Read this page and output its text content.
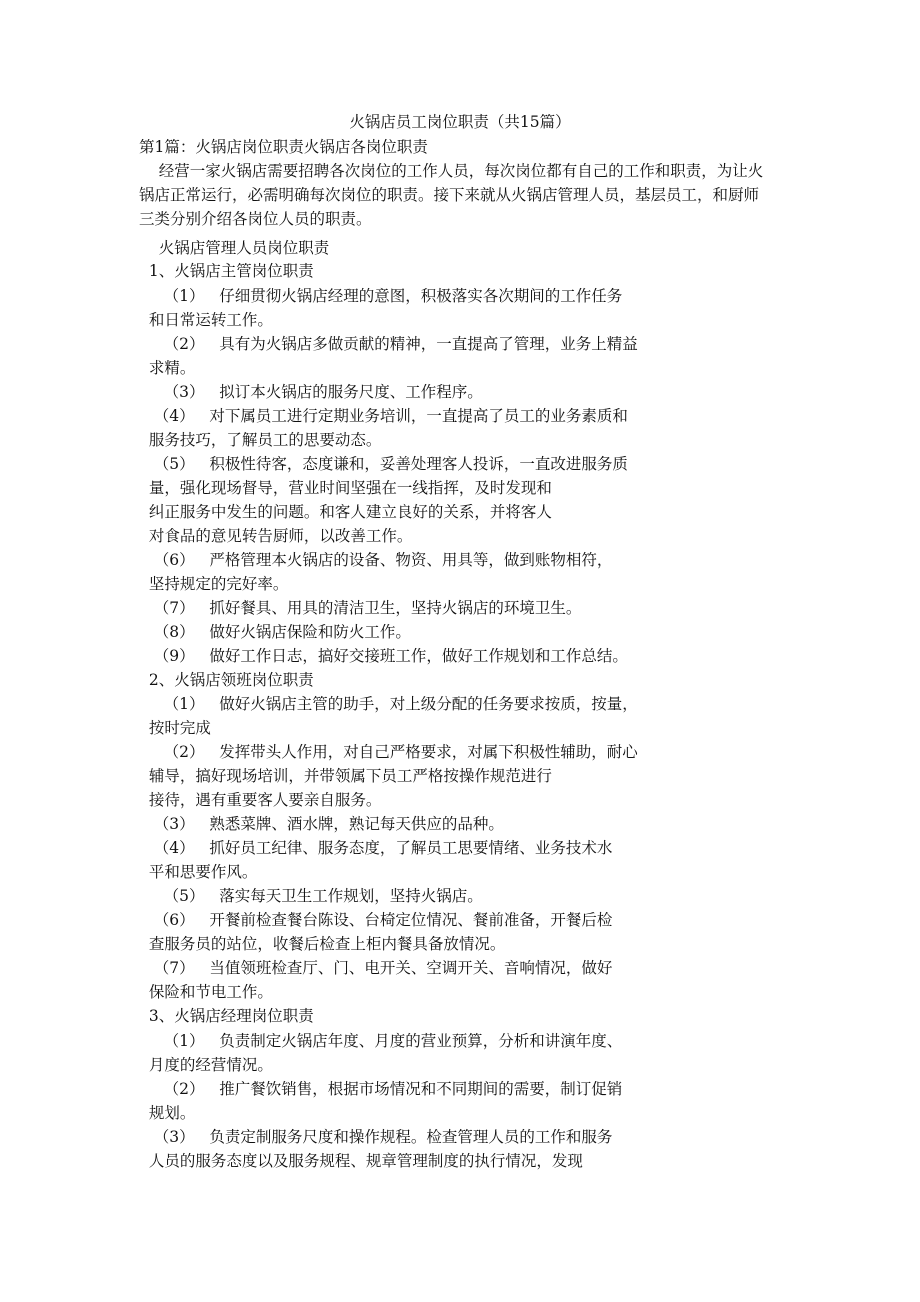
火锅店员工岗位职责（共15篇）
第1篇：火锅店岗位职责火锅店各岗位职责
经营一家火锅店需要招聘各次岗位的工作人员，每次岗位都有自己的工作和职责，为让火
锅店正常运行，必需明确每次岗位的职责。接下来就从火锅店管理人员，基层员工，和厨师
三类分别介绍各岗位人员的职责。
火锅店管理人员岗位职责
1、火锅店主管岗位职责
（1）   仔细贯彻火锅店经理的意图，积极落实各次期间的工作任务
和日常运转工作。
（2）   具有为火锅店多做贡献的精神，一直提高了管理，业务上精益
求精。
（3）   拟订本火锅店的服务尺度、工作程序。
（4）   对下属员工进行定期业务培训，一直提高了员工的业务素质和
服务技巧，了解员工的思要动态。
（5）   积极性待客，态度谦和，妥善处理客人投诉，一直改进服务质
量，强化现场督导，营业时间坚强在一线指挥，及时发现和
纠正服务中发生的问题。和客人建立良好的关系，并将客人
对食品的意见转告厨师，以改善工作。
（6）   严格管理本火锅店的设备、物资、用具等，做到账物相符，
坚持规定的完好率。
（7）   抓好餐具、用具的清洁卫生，坚持火锅店的环境卫生。
（8）   做好火锅店保险和防火工作。
（9）   做好工作日志，搞好交接班工作，做好工作规划和工作总结。
2、火锅店领班岗位职责
（1）   做好火锅店主管的助手，对上级分配的任务要求按质，按量，
按时完成
（2）   发挥带头人作用，对自己严格要求，对属下积极性辅助，耐心
辅导，搞好现场培训，并带领属下员工严格按操作规范进行
接待，遇有重要客人要亲自服务。
（3）   熟悉菜牌、酒水牌，熟记每天供应的品种。
（4）   抓好员工纪律、服务态度，了解员工思要情绪、业务技术水
平和思要作风。
（5）   落实每天卫生工作规划，坚持火锅店。
（6）   开餐前检查餐台陈设、台椅定位情况、餐前准备，开餐后检
查服务员的站位，收餐后检查上柜内餐具备放情况。
（7）   当值领班检查厅、门、电开关、空调开关、音响情况，做好
保险和节电工作。
3、火锅店经理岗位职责
（1）   负责制定火锅店年度、月度的营业预算，分析和讲演年度、
月度的经营情况。
（2）   推广餐饮销售，根据市场情况和不同期间的需要，制订促销
规划。
（3）   负责定制服务尺度和操作规程。检查管理人员的工作和服务
人员的服务态度以及服务规程、规章管理制度的执行情况，发现
